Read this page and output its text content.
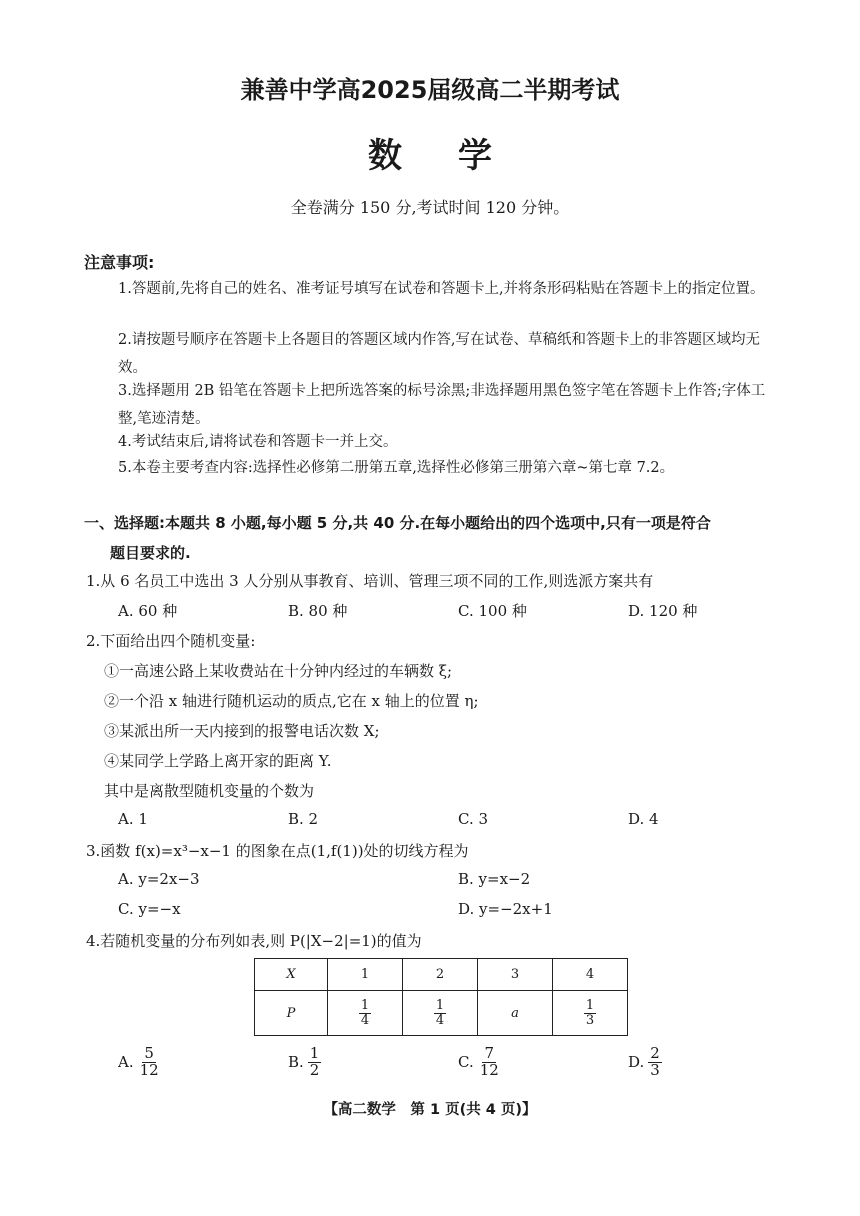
兼善中学高2025届级高二半期考试
数学
全卷满分 150 分,考试时间 120 分钟。
注意事项:
1.答题前,先将自己的姓名、准考证号填写在试卷和答题卡上,并将条形码粘贴在答题卡上的指定位置。
2.请按题号顺序在答题卡上各题目的答题区域内作答,写在试卷、草稿纸和答题卡上的非答题区域均无效。
3.选择题用 2B 铅笔在答题卡上把所选答案的标号涂黑;非选择题用黑色签字笔在答题卡上作答;字体工整,笔迹清楚。
4.考试结束后,请将试卷和答题卡一并上交。
5.本卷主要考查内容:选择性必修第二册第五章,选择性必修第三册第六章~第七章 7.2。
一、选择题:本题共 8 小题,每小题 5 分,共 40 分.在每小题给出的四个选项中,只有一项是符合
题目要求的.
1.从 6 名员工中选出 3 人分别从事教育、培训、管理三项不同的工作,则选派方案共有
A. 60 种	B. 80 种	C. 100 种	D. 120 种
2.下面给出四个随机变量:
①一高速公路上某收费站在十分钟内经过的车辆数 ξ;
②一个沿 x 轴进行随机运动的质点,它在 x 轴上的位置 η;
③某派出所一天内接到的报警电话次数 X;
④某同学上学路上离开家的距离 Y.
其中是离散型随机变量的个数为
A. 1	B. 2	C. 3	D. 4
3.函数 f(x)=x³−x−1 的图象在点(1,f(1))处的切线方程为
A. y=2x−3	B. y=x−2
C. y=−x	D. y=−2x+1
4.若随机变量的分布列如表,则 P(|X−2|=1)的值为
X	1	2	3	4
P	$\frac{1}{4}$	$\frac{1}{4}$	a	$\frac{1}{3}$
A. $\frac{5}{12}$	B. $\frac{1}{2}$	C. $\frac{7}{12}$	D. $\frac{2}{3}$
【高二数学　第 1 页(共 4 页)】
